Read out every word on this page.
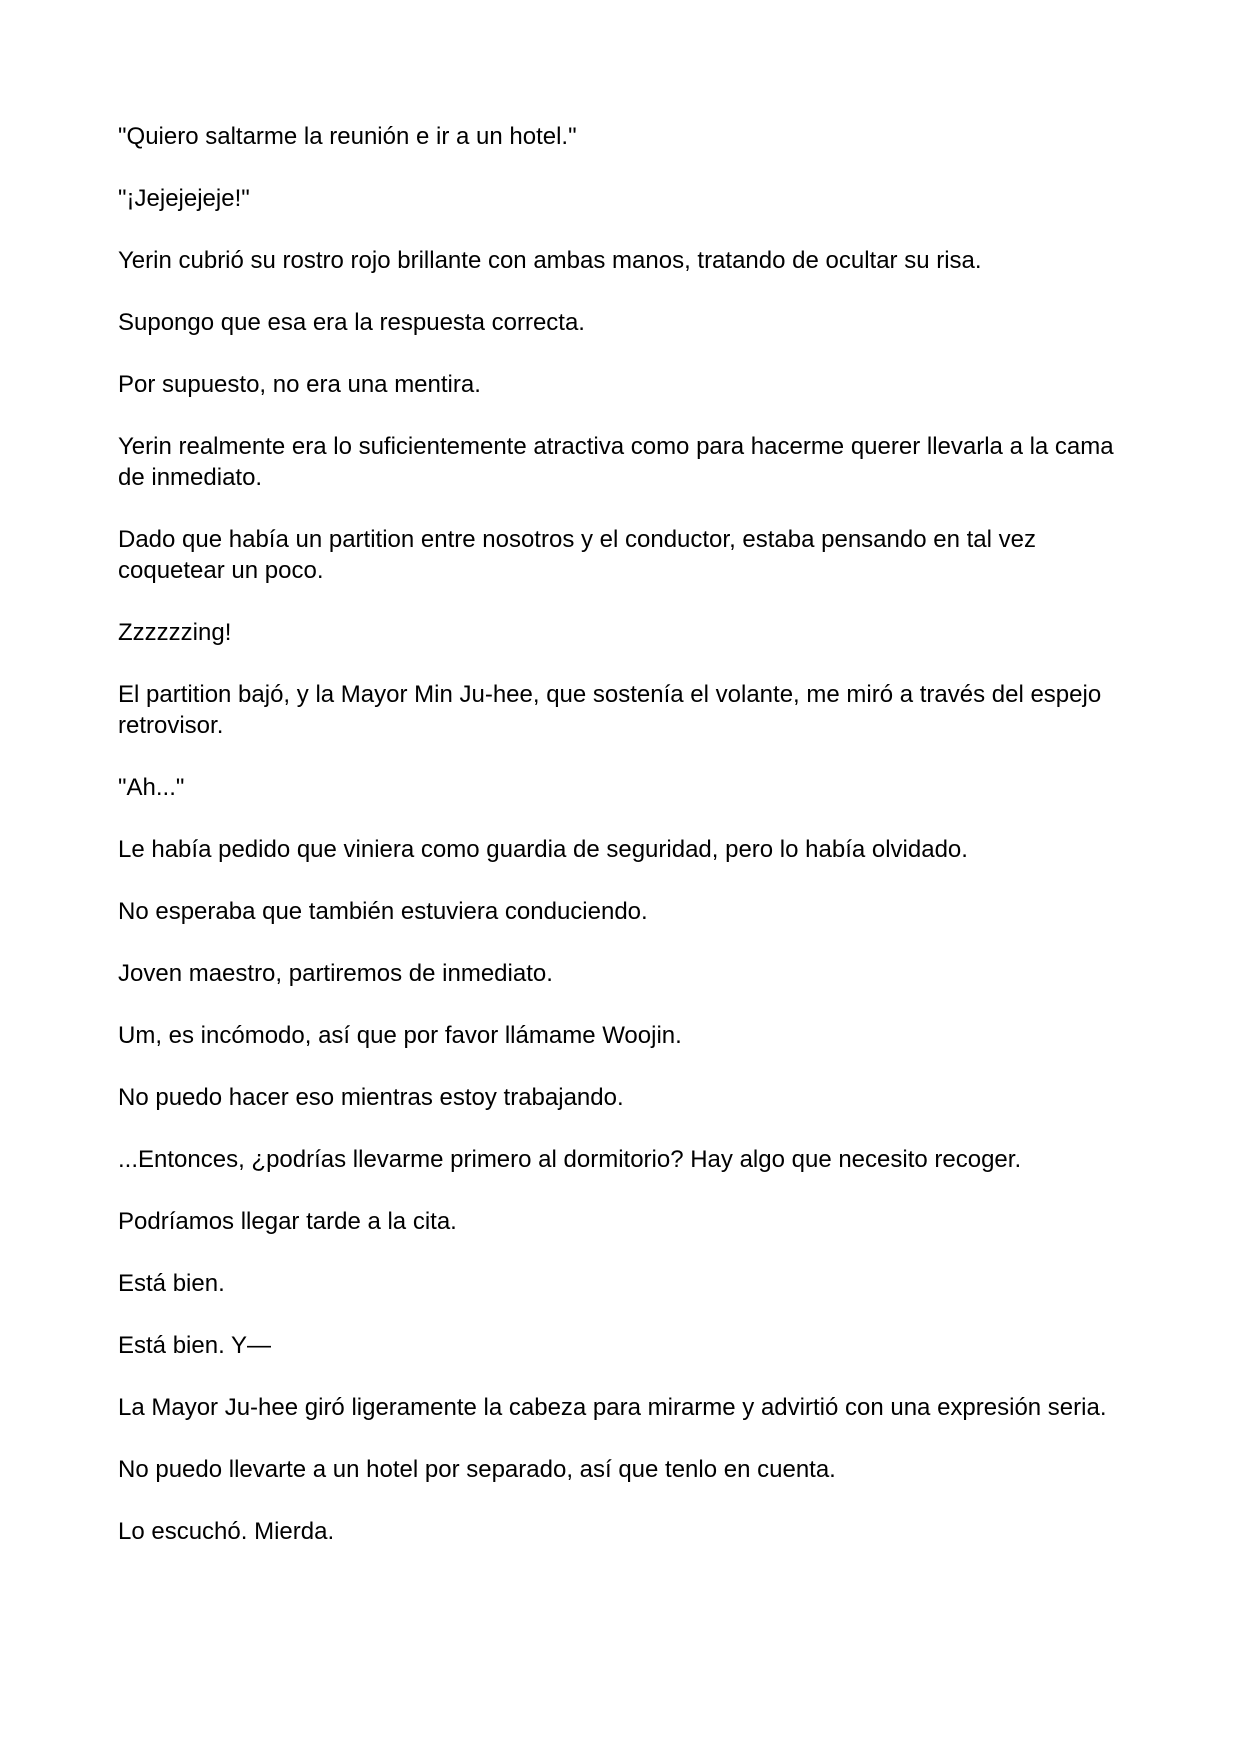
"Quiero saltarme la reunión e ir a un hotel."

"¡Jejejejeje!"

Yerin cubrió su rostro rojo brillante con ambas manos, tratando de ocultar su risa.

Supongo que esa era la respuesta correcta.

Por supuesto, no era una mentira.

Yerin realmente era lo suficientemente atractiva como para hacerme querer llevarla a la cama de inmediato.

Dado que había un partition entre nosotros y el conductor, estaba pensando en tal vez coquetear un poco.

Zzzzzzing!

El partition bajó, y la Mayor Min Ju-hee, que sostenía el volante, me miró a través del espejo retrovisor.

"Ah..."

Le había pedido que viniera como guardia de seguridad, pero lo había olvidado.

No esperaba que también estuviera conduciendo.

Joven maestro, partiremos de inmediato.

Um, es incómodo, así que por favor llámame Woojin.

No puedo hacer eso mientras estoy trabajando.

...Entonces, ¿podrías llevarme primero al dormitorio? Hay algo que necesito recoger.

Podríamos llegar tarde a la cita.

Está bien.

Está bien. Y—

La Mayor Ju-hee giró ligeramente la cabeza para mirarme y advirtió con una expresión seria.

No puedo llevarte a un hotel por separado, así que tenlo en cuenta.

Lo escuchó. Mierda.
